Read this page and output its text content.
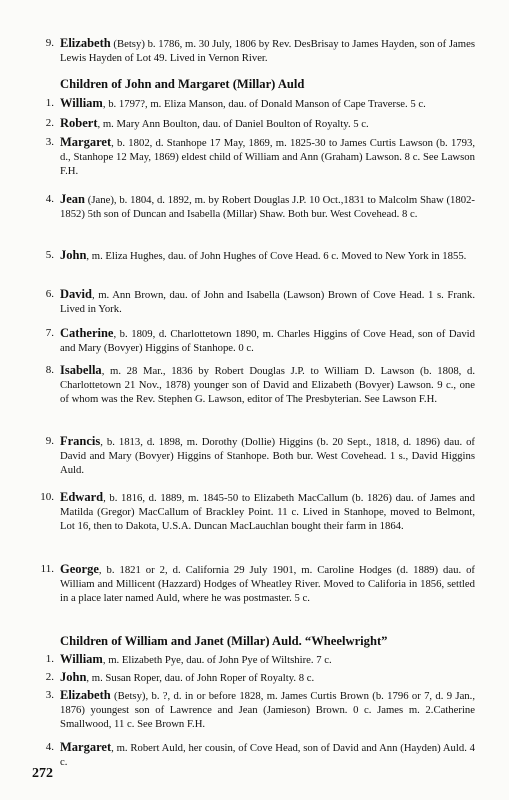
9. Elizabeth (Betsy) b. 1786, m. 30 July, 1806 by Rev. DesBrisay to James Hayden, son of James Lewis Hayden of Lot 49. Lived in Vernon River.
Children of John and Margaret (Millar) Auld
1. William, b. 1797?, m. Eliza Manson, dau. of Donald Manson of Cape Traverse. 5 c.
2. Robert, m. Mary Ann Boulton, dau. of Daniel Boulton of Royalty. 5 c.
3. Margaret, b. 1802, d. Stanhope 17 May, 1869, m. 1825-30 to James Curtis Lawson (b. 1793, d., Stanhope 12 May, 1869) eldest child of William and Ann (Graham) Lawson. 8 c. See Lawson F.H.
4. Jean (Jane), b. 1804, d. 1892, m. by Robert Douglas J.P. 10 Oct.,1831 to Malcolm Shaw (1802-1852) 5th son of Duncan and Isabella (Millar) Shaw. Both bur. West Covehead. 8 c.
5. John, m. Eliza Hughes, dau. of John Hughes of Cove Head. 6 c. Moved to New York in 1855.
6. David, m. Ann Brown, dau. of John and Isabella (Lawson) Brown of Cove Head. 1 s. Frank. Lived in York.
7. Catherine, b. 1809, d. Charlottetown 1890, m. Charles Higgins of Cove Head, son of David and Mary (Bovyer) Higgins of Stanhope. 0 c.
8. Isabella, m. 28 Mar., 1836 by Robert Douglas J.P. to William D. Lawson (b. 1808, d. Charlottetown 21 Nov., 1878) younger son of David and Elizabeth (Bovyer) Lawson. 9 c., one of whom was the Rev. Stephen G. Lawson, editor of The Presbyterian. See Lawson F.H.
9. Francis, b. 1813, d. 1898, m. Dorothy (Dollie) Higgins (b. 20 Sept., 1818, d. 1896) dau. of David and Mary (Bovyer) Higgins of Stanhope. Both bur. West Covehead. 1 s., David Higgins Auld.
10. Edward, b. 1816, d. 1889, m. 1845-50 to Elizabeth MacCallum (b. 1826) dau. of James and Matilda (Gregor) MacCallum of Brackley Point. 11 c. Lived in Stanhope, moved to Belmont, Lot 16, then to Dakota, U.S.A. Duncan MacLauchlan bought their farm in 1864.
11. George, b. 1821 or 2, d. California 29 July 1901, m. Caroline Hodges (d. 1889) dau. of William and Millicent (Hazzard) Hodges of Wheatley River. Moved to Califoria in 1856, settled in a place later named Auld, where he was postmaster. 5 c.
Children of William and Janet (Millar) Auld. “Wheelwright”
1. William, m. Elizabeth Pye, dau. of John Pye of Wiltshire. 7 c.
2. John, m. Susan Roper, dau. of John Roper of Royalty. 8 c.
3. Elizabeth (Betsy), b. ?, d. in or before 1828, m. James Curtis Brown (b. 1796 or 7, d. 9 Jan., 1876) youngest son of Lawrence and Jean (Jamieson) Brown. 0 c. James m. 2.Catherine Smallwood, 11 c. See Brown F.H.
4. Margaret, m. Robert Auld, her cousin, of Cove Head, son of David and Ann (Hayden) Auld. 4 c.
272
